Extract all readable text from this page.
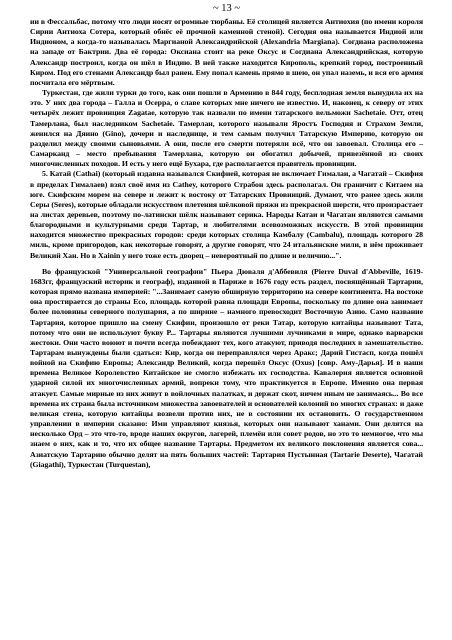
~ 13 ~

ии в Фессальбас, потому что люди носят огромные тюрбаны. Её столицей является Антиохия (по имени короля Сирии Антиоха Сотера, который обнёс её прочной каменной стеной). Сегодня она называется Индиой или Индионом, а когда-то называлась Маргианой Александрийской (Alexandria Margiana). Согдиана расположена на западе от Бактрии. Два её города: Оксиана стоит на реке Оксус и Согдиана Александрийская, которую Александр построил, когда он шёл в Индию. В ней также находится Кирополь, крепкий город, построенный Киром. Под его стенами Александр был ранен. Ему попал камень прямо в шею, он упал наземь, и вся его армия посчитала его мёртвым.

Туркестан, где жили турки до того, как они пошли в Армению в 844 году, бесплодная земля вынудила их на это. У них два города – Галла и Осерра, о славе которых мне ничего не известно. И, наконец, к северу от этих четырёх лежит провинция Zagatae, которую так назвали по имени татарского вельможи Sachetaie. Отт, отец Тамерлана, был наследником Sachetaie. Тамерлан, которого называли Яростъ Господня и Страхом Земли, женился на Дяино (Gino), дочери и наследнице, и тем самым получил Татарскую Империю, которую он разделил между своими сыновьями. А они, после его смерти потеряли всё, что он завоевал. Столица его – Самарканд – место пребывания Тамерлана, которую он обогатил добычей, привезённой из своих многочисленных походов. И есть у него ещё Бухара, где располагается правитель провинции.

5. Катай (Cathai) (который издавна назывался Скифией, которая не включает Гималаи, а Чагатай – Скифия в пределах Гималаев) взял своё имя из Cathey, которого Страбон здесь располагал. Он граничит с Китаем на юге. Скифским морем на севере и лежит к востоку от Татарских Провинций. Думают, что ранее здесь жили Серы (Seres), которые обладали искусством плетения шёлковой пряжи из прекрасной шерсти, что произрастает на листах деревьев, поэтому по-латински шёлк называют серика. Народы Катаи и Чагатаи являются самыми благородными и культурными среди Тартар, и любителями всевозможных искусств. В этой провинции находится множество прекрасных городов: среди которых столица Камбалу (Cambalu), площадь которого 28 миль, кроме пригородов, как некоторые говорят, а другие говорят, что 24 итальянские мили, в нём проживает Великий Хан. Но в Xainin у него тоже есть дворец – невероятный по длине и величию...".

Во французской "Универсальной географии" Пьера Дюваля д'Аббевиля (Pierre Duval d'Abbeville, 1619-1683гг, французский историк и географ), изданной в Париже в 1676 году есть раздел, посвящённый Тартарии, которая прямо названа империей: "...Занимает самую обширную территорию на севере континента. На востоке она простирается до страны Есо, площадь которой равна площади Европы, поскольку по длине она занимает более половины северного полушария, а по ширине – намного превосходит Восточную Азию. Само название Тартария, которое пришло на смену Скифии, произошло от реки Татар, которую китайцы называют Тата, потому что они не используют букву Р... Тартары являются лучшими лучниками в мире, однако варварски жестоки. Они часто воюют и почти всегда побеждают тех, кого атакуют, приводя последних в замешательство. Тартарам вынуждены были сдаться: Кир, когда он переправлялся через Аракс; Дарий Гистасп, когда пошёл войной на Скифию Европы; Александр Великий, когда перешёл Оксус (Оxus) [совр. Аму-Дарья]. И в наши времена Великое Королевство Китайское не смогло избежать их господства. Кавалерия является основной ударной силой их многочисленных армий, вопреки тому, что практикуется в Европе. Именно она первая атакует. Самые мирные из них живут в войлочных палатках, и держат скот, ничем иным не занимаясь... Во все времена их страна была источником множества завоевателей и основателей колоний во многих странах: и даже великая стена, которую китайцы возвели против них, не в состоянии их остановить. О государственном управлении в империи сказано: Ими управляют князья, которых они называют ханами. Они делятся на несколько Орд – это что-то, вроде наших округов, лагерей, племён или совет родов, но это то немногое, что мы знаем о них, как и то, что их общее название Тартары. Предметом их великого поклонения является сова... Азиатскую Тартарию обычно делят на пять больших частей: Тартария Пустынная (Tartarie Deserte), Чагатай (Giagathi), Туркестан (Turquestan),
